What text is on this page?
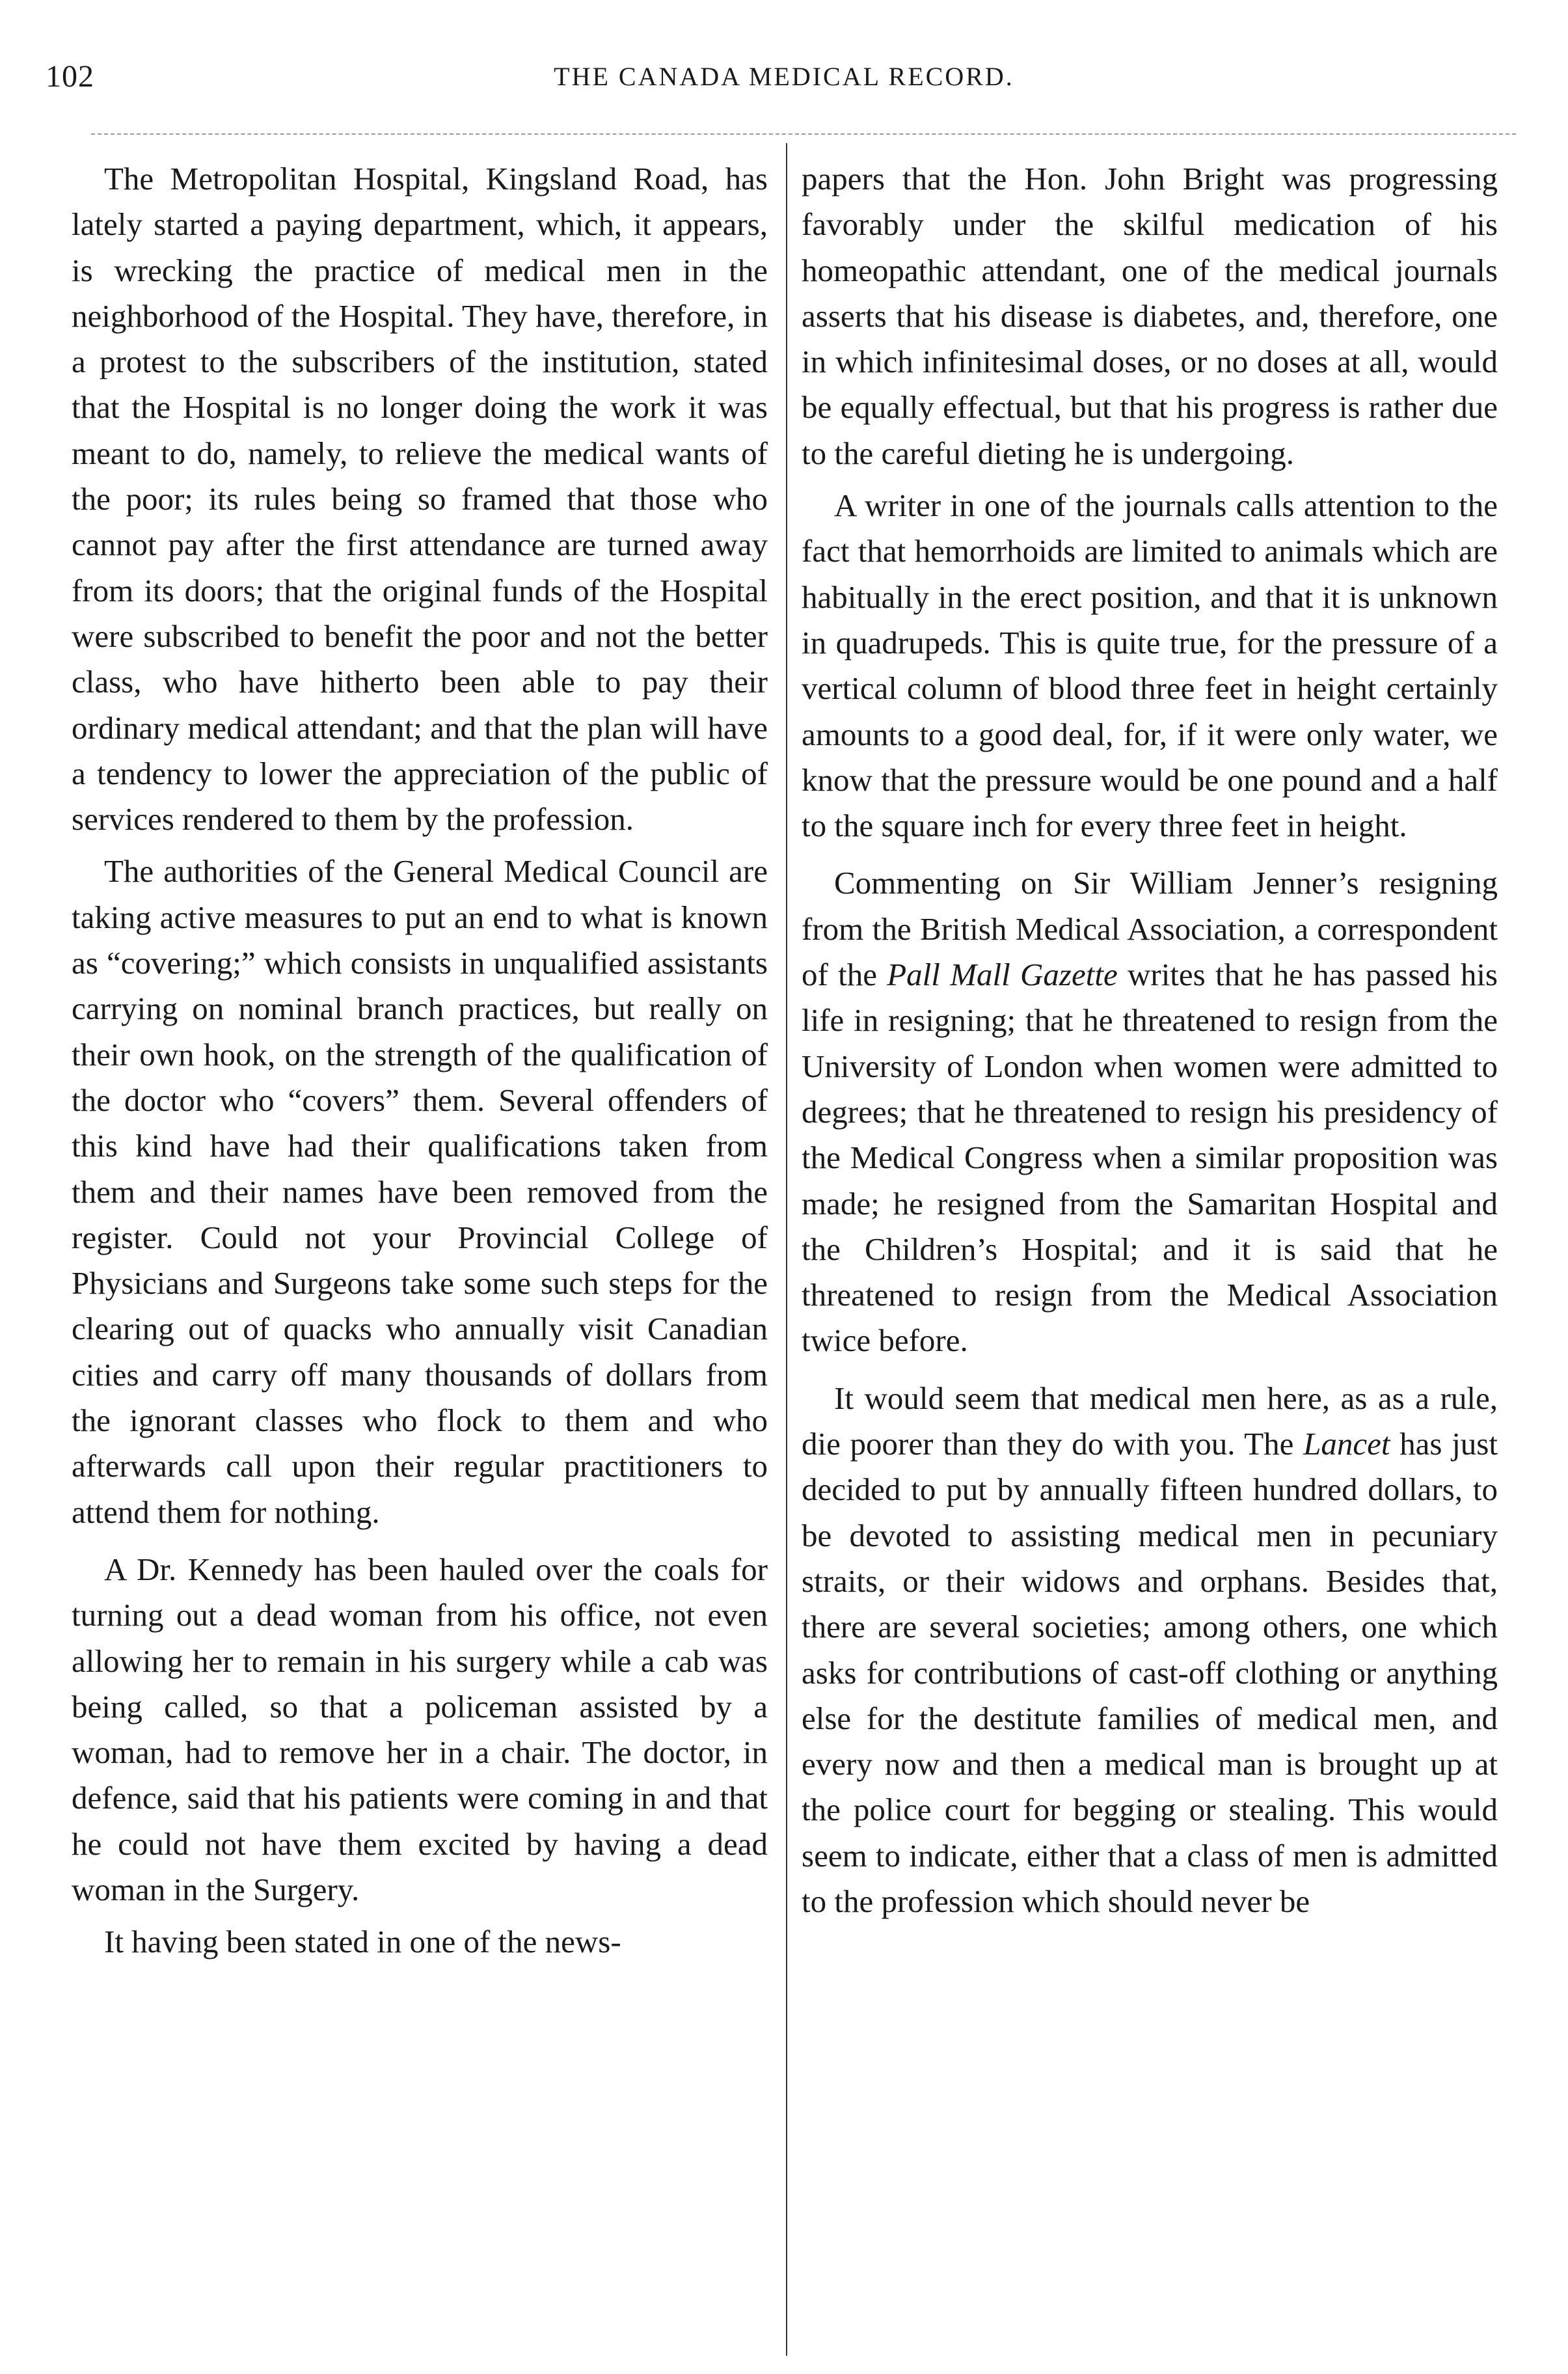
102	THE CANADA MEDICAL RECORD.

The Metropolitan Hospital, Kingsland Road, has lately started a paying department, which, it appears, is wrecking the practice of medical men in the neighborhood of the Hospital. They have, therefore, in a protest to the subscribers of the institution, stated that the Hospital is no longer doing the work it was meant to do, namely, to relieve the medical wants of the poor; its rules being so framed that those who cannot pay after the first attendance are turned away from its doors; that the original funds of the Hospital were subscribed to benefit the poor and not the better class, who have hitherto been able to pay their ordinary medical attendant; and that the plan will have a tendency to lower the appreciation of the public of services rendered to them by the profession.

The authorities of the General Medical Council are taking active measures to put an end to what is known as “covering;” which consists in unqualified assistants carrying on nominal branch practices, but really on their own hook, on the strength of the qualification of the doctor who “covers” them. Several offenders of this kind have had their qualifications taken from them and their names have been removed from the register. Could not your Provincial College of Physicians and Surgeons take some such steps for the clearing out of quacks who annually visit Canadian cities and carry off many thousands of dollars from the ignorant classes who flock to them and who afterwards call upon their regular practitioners to attend them for nothing.

A Dr. Kennedy has been hauled over the coals for turning out a dead woman from his office, not even allowing her to remain in his surgery while a cab was being called, so that a policeman assisted by a woman, had to remove her in a chair. The doctor, in defence, said that his patients were coming in and that he could not have them excited by having a dead woman in the Surgery.

It having been stated in one of the news-

papers that the Hon. John Bright was progressing favorably under the skilful medication of his homeopathic attendant, one of the medical journals asserts that his disease is diabetes, and, therefore, one in which infinitesimal doses, or no doses at all, would be equally effectual, but that his progress is rather due to the careful dieting he is undergoing.

A writer in one of the journals calls attention to the fact that hemorrhoids are limited to animals which are habitually in the erect position, and that it is unknown in quadrupeds. This is quite true, for the pressure of a vertical column of blood three feet in height certainly amounts to a good deal, for, if it were only water, we know that the pressure would be one pound and a half to the square inch for every three feet in height.

Commenting on Sir William Jenner’s resigning from the British Medical Association, a correspondent of the Pall Mall Gazette writes that he has passed his life in resigning; that he threatened to resign from the University of London when women were admitted to degrees; that he threatened to resign his presidency of the Medical Congress when a similar proposition was made; he resigned from the Samaritan Hospital and the Children’s Hospital; and it is said that he threatened to resign from the Medical Association twice before.

It would seem that medical men here, as as a rule, die poorer than they do with you. The Lancet has just decided to put by annually fifteen hundred dollars, to be devoted to assisting medical men in pecuniary straits, or their widows and orphans. Besides that, there are several societies; among others, one which asks for contributions of cast-off clothing or anything else for the destitute families of medical men, and every now and then a medical man is brought up at the police court for begging or stealing. This would seem to indicate, either that a class of men is admitted to the profession which should never be
